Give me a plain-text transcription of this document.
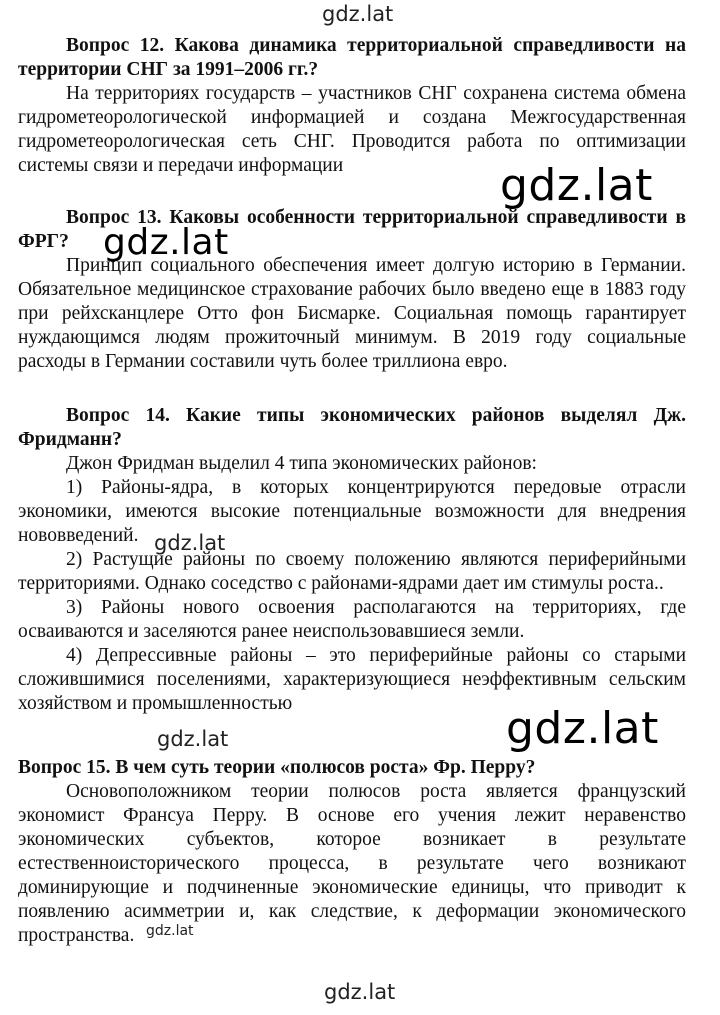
gdz.lat
gdz.lat
gdz.lat
gdz.lat
gdz.lat	gdz.lat
gdz.lat
gdz.lat
Вопрос 12. Какова динамика территориальной справедливости на территории СНГ за 1991–2006 гг.?

На территориях государств – участников СНГ сохранена система обмена гидрометеорологической информацией и создана Межгосударственная гидрометеорологическая сеть СНГ. Проводится работа по оптимизации системы связи и передачи информации

Вопрос 13. Каковы особенности территориальной справедливости в ФРГ?

Принцип социального обеспечения имеет долгую историю в Германии. Обязательное медицинское страхование рабочих было введено еще в 1883 году при рейхсканцлере Отто фон Бисмарке. Социальная помощь гарантирует нуждающимся людям прожиточный минимум. В 2019 году социальные расходы в Германии составили чуть более триллиона евро.

Вопрос 14. Какие типы экономических районов выделял Дж. Фридманн?

Джон Фридман выделил 4 типа экономических районов:

1) Районы-ядра, в которых концентрируются передовые отрасли экономики, имеются высокие потенциальные возможности для внедрения нововведений.

2) Растущие районы по своему положению являются периферийными территориями. Однако соседство с районами-ядрами дает им стимулы роста..

3) Районы нового освоения располагаются на территориях, где осваиваются и заселяются ранее неиспользовавшиеся земли.

4) Депрессивные районы – это периферийные районы со старыми сложившимися поселениями, характеризующиеся неэффективным сельским хозяйством и промышленностью

Вопрос 15. В чем суть теории «полюсов роста» Фр. Перру?

Основоположником теории полюсов роста является французский экономист Франсуа Перру. В основе его учения лежит неравенство экономических субъектов, которое возникает в результате естественноисторического процесса, в результате чего возникают доминирующие и подчиненные экономические единицы, что приводит к появлению асимметрии и, как следствие, к деформации экономического пространства.
